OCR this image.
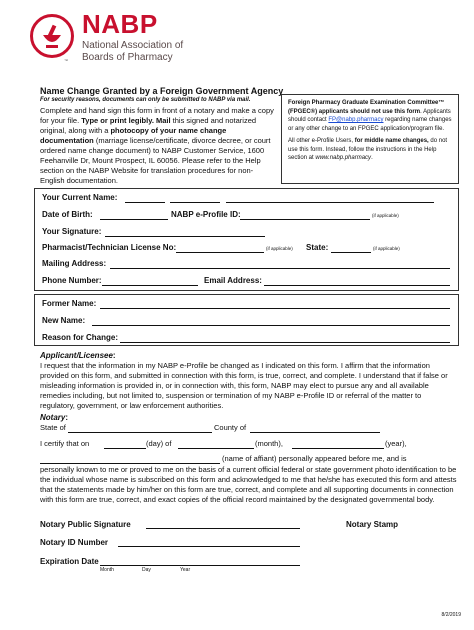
NABP
National Association of Boards of Pharmacy
™
Name Change Granted by a Foreign Government Agency
For security reasons, documents can only be submitted to NABP via mail.
Complete and hand sign this form in front of a notary and make a copy for your file. Type or print legibly. Mail this signed and notarized original, along with a photocopy of your name change documentation (marriage license/certificate, divorce decree, or court ordered name change document) to NABP Customer Service, 1600 Feehanville Dr, Mount Prospect, IL 60056. Please refer to the Help section on the NABP Website for translation procedures for non-English documentation.

Foreign Pharmacy Graduate Examination Committee™ (FPGEC®) applicants should not use this form. Applicants should contact FP@nabp.pharmacy regarding name changes or any other change to an FPGEC application/program file.

All other e-Profile Users, for middle name changes, do not use this form. Instead, follow the instructions in the Help section at www.nabp.pharmacy.

Your Current Name:
Date of Birth:	NABP e-Profile ID:	(if applicable)
Your Signature:
Pharmacist/Technician License No:	(if applicable) State:	(if applicable)
Mailing Address:
Phone Number:	Email Address:
Former Name:
New Name:
Reason for Change:
Applicant/Licensee:
I request that the information in my NABP e-Profile be changed as I indicated on this form. I affirm that the information provided on this form, and submitted in connection with this form, is true, correct, and complete. I understand that if false or misleading information is provided in, or in connection with, this form, NABP may elect to pursue any and all available remedies including, but not limited to, suspension or termination of my NABP e-Profile ID or referral of the matter to regulatory, government, or law enforcement authorities.
Notary:
State of	County of
I certify that on	(day) of	(month),	(year),
(name of affiant) personally appeared before me, and is
personally known to me or proved to me on the basis of a current official federal or state government photo identification to be the individual whose name is subscribed on this form and acknowledged to me that he/she has executed this form and attests that the statements made by him/her on this form are true, correct, and complete and all supporting documents in connection with this form are true, correct, and exact copies of the official record maintained by the designated governmental body.
Notary Public Signature	Notary Stamp
Notary ID Number
Expiration Date
Month	Day	Year
8/2/2019
